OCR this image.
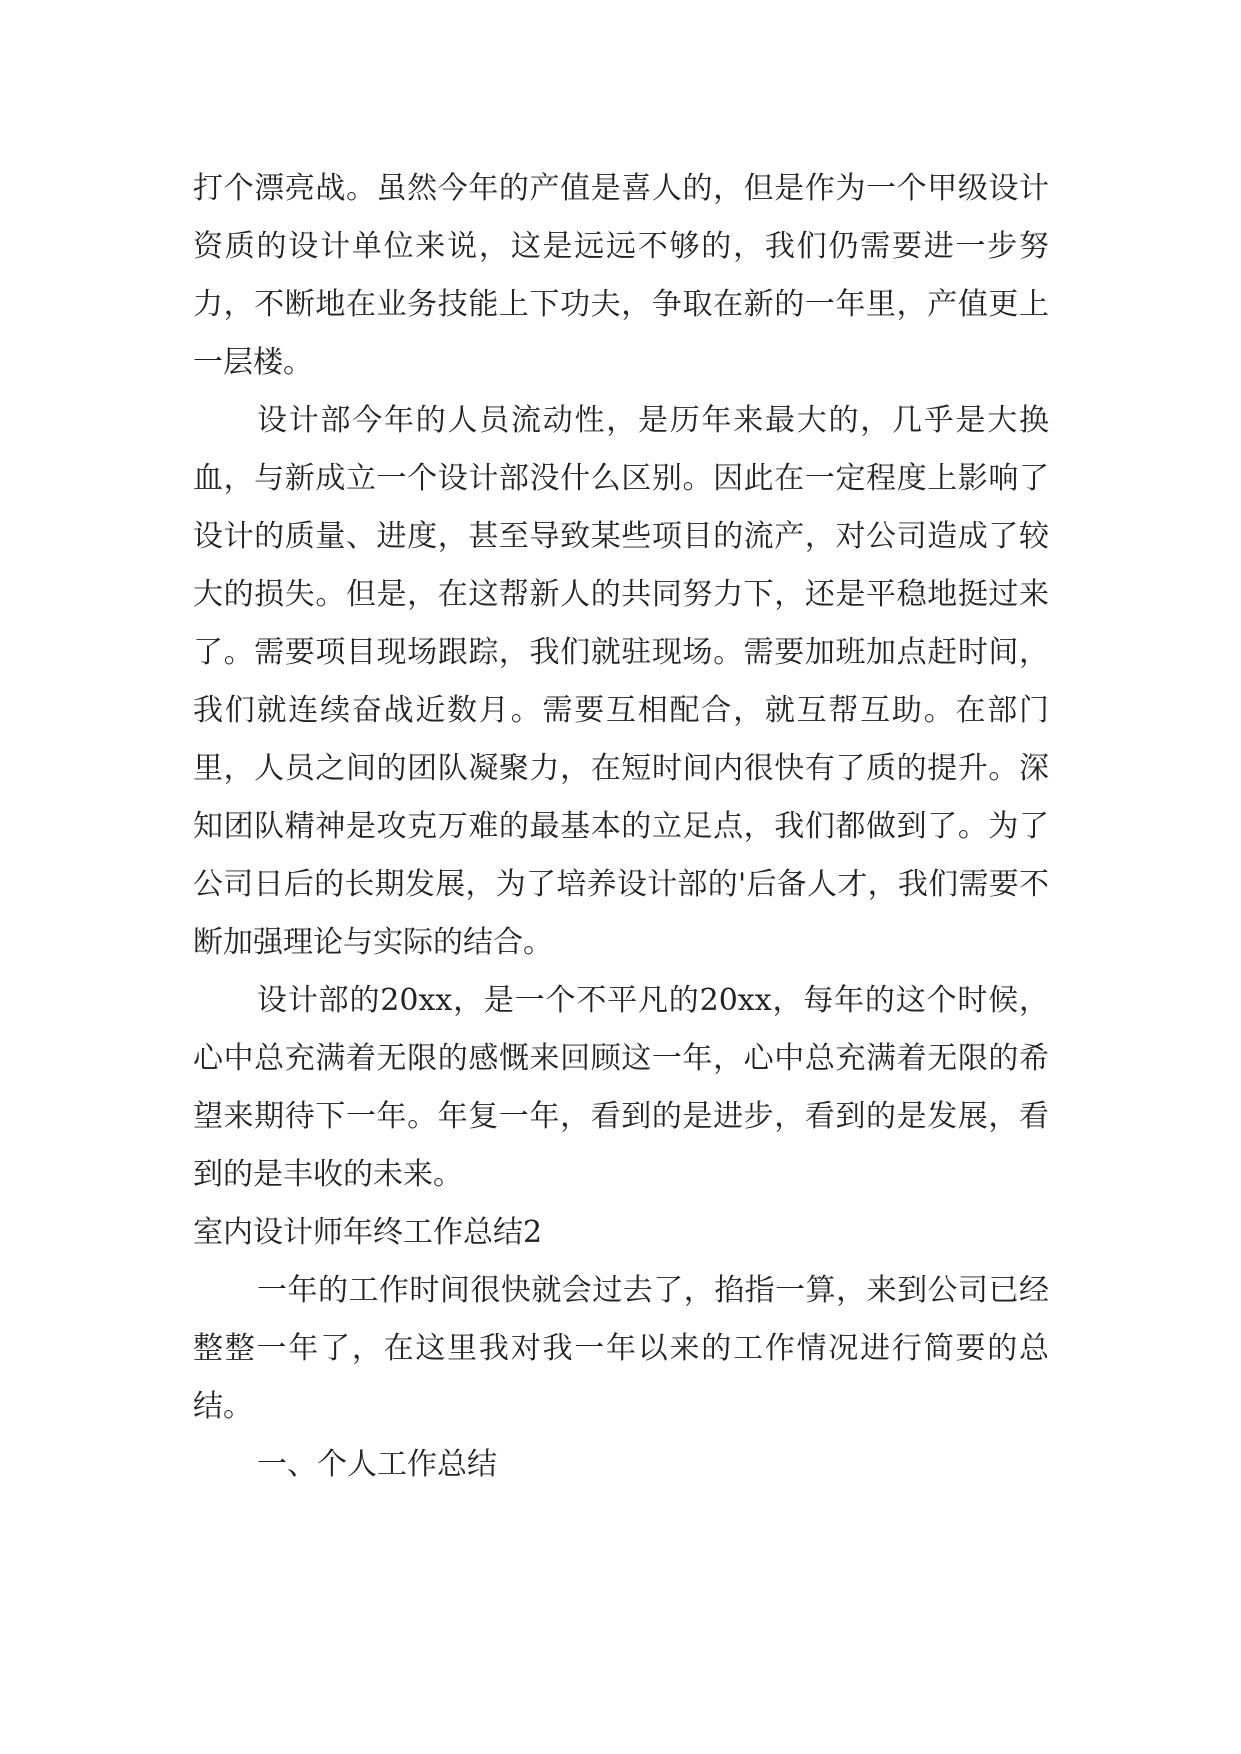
打个漂亮战。虽然今年的产值是喜人的，但是作为一个甲级设计资质的设计单位来说，这是远远不够的，我们仍需要进一步努力，不断地在业务技能上下功夫，争取在新的一年里，产值更上一层楼。

设计部今年的人员流动性，是历年来最大的，几乎是大换血，与新成立一个设计部没什么区别。因此在一定程度上影响了设计的质量、进度，甚至导致某些项目的流产，对公司造成了较大的损失。但是，在这帮新人的共同努力下，还是平稳地挺过来了。需要项目现场跟踪，我们就驻现场。需要加班加点赶时间，我们就连续奋战近数月。需要互相配合，就互帮互助。在部门里，人员之间的团队凝聚力，在短时间内很快有了质的提升。深知团队精神是攻克万难的最基本的立足点，我们都做到了。为了公司日后的长期发展，为了培养设计部的'后备人才，我们需要不断加强理论与实际的结合。

设计部的20xx，是一个不平凡的20xx，每年的这个时候，心中总充满着无限的感慨来回顾这一年，心中总充满着无限的希望来期待下一年。年复一年，看到的是进步，看到的是发展，看到的是丰收的未来。

室内设计师年终工作总结2

一年的工作时间很快就会过去了，掐指一算，来到公司已经整整一年了，在这里我对我一年以来的工作情况进行简要的总结。

一、个人工作总结
